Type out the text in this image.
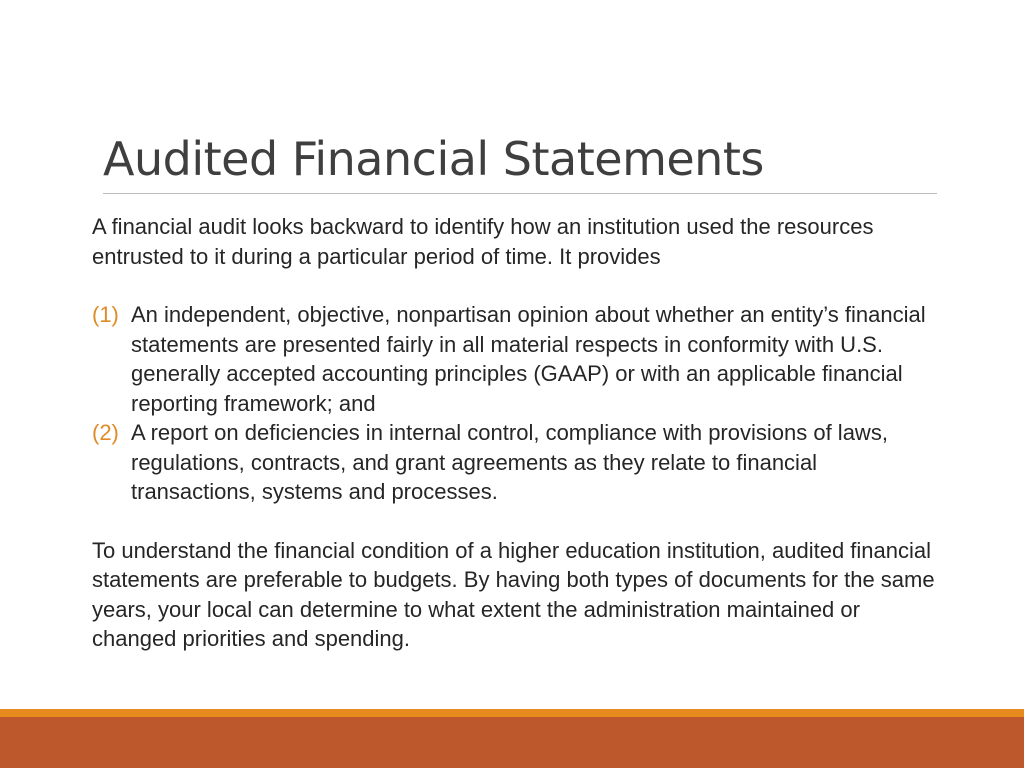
Audited Financial Statements

A financial audit looks backward to identify how an institution used the resources entrusted to it during a particular period of time. It provides

(1) An independent, objective, nonpartisan opinion about whether an entity’s financial statements are presented fairly in all material respects in conformity with U.S. generally accepted accounting principles (GAAP) or with an applicable financial reporting framework; and
(2) A report on deficiencies in internal control, compliance with provisions of laws, regulations, contracts, and grant agreements as they relate to financial transactions, systems and processes.

To understand the financial condition of a higher education institution, audited financial statements are preferable to budgets. By having both types of documents for the same years, your local can determine to what extent the administration maintained or changed priorities and spending.
